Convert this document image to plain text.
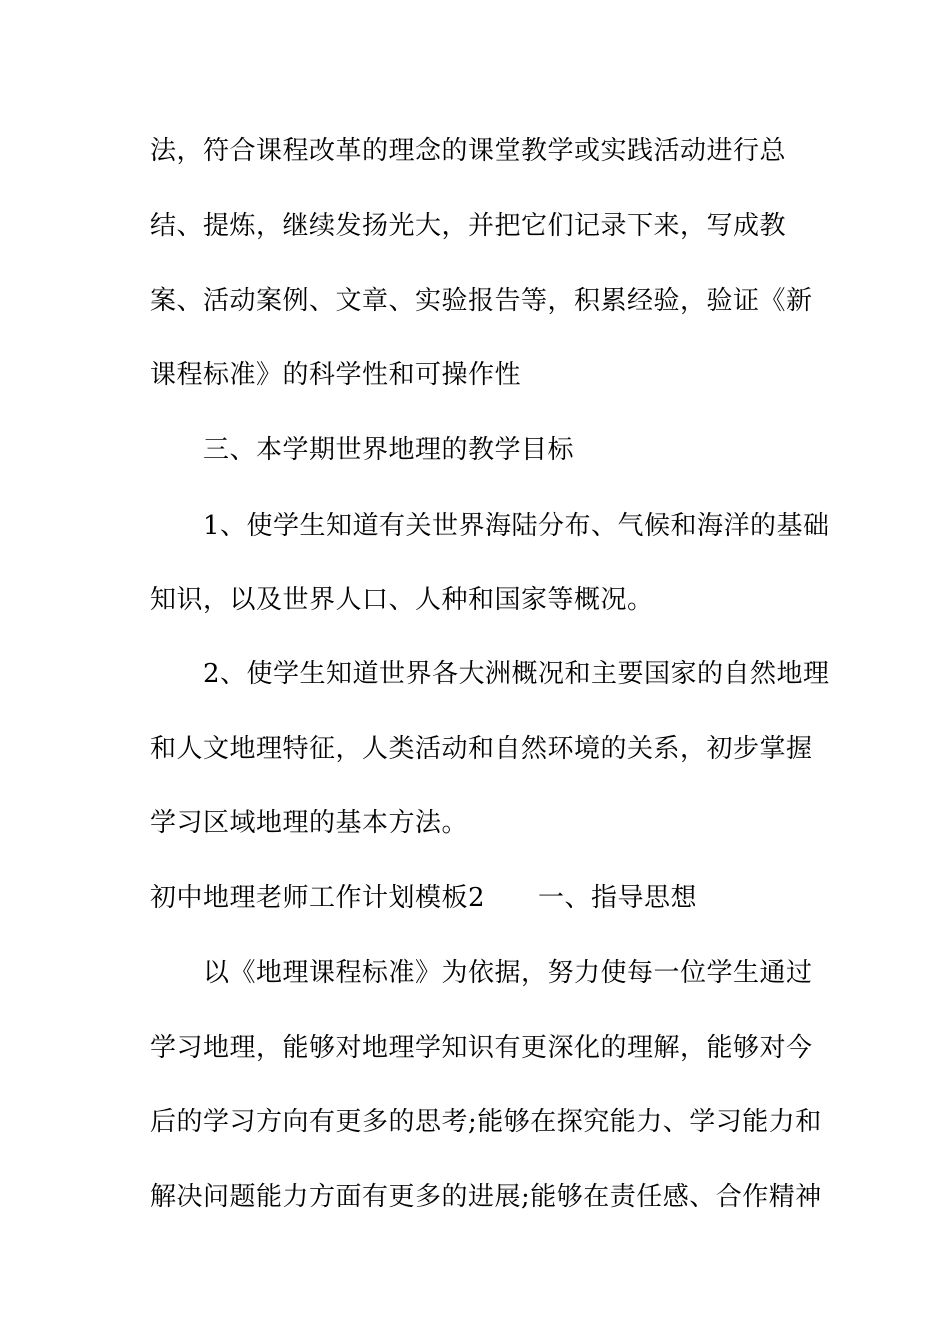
法，符合课程改革的理念的课堂教学或实践活动进行总
结、提炼，继续发扬光大，并把它们记录下来，写成教
案、活动案例、文章、实验报告等，积累经验，验证《新
课程标准》的科学性和可操作性
三、本学期世界地理的教学目标
1、使学生知道有关世界海陆分布、气候和海洋的基础
知识，以及世界人口、人种和国家等概况。
2、使学生知道世界各大洲概况和主要国家的自然地理
和人文地理特征，人类活动和自然环境的关系，初步掌握
学习区域地理的基本方法。
初中地理老师工作计划模板2　　一、指导思想
以《地理课程标准》为依据，努力使每一位学生通过
学习地理，能够对地理学知识有更深化的理解，能够对今
后的学习方向有更多的思考;能够在探究能力、学习能力和
解决问题能力方面有更多的进展;能够在责任感、合作精神
